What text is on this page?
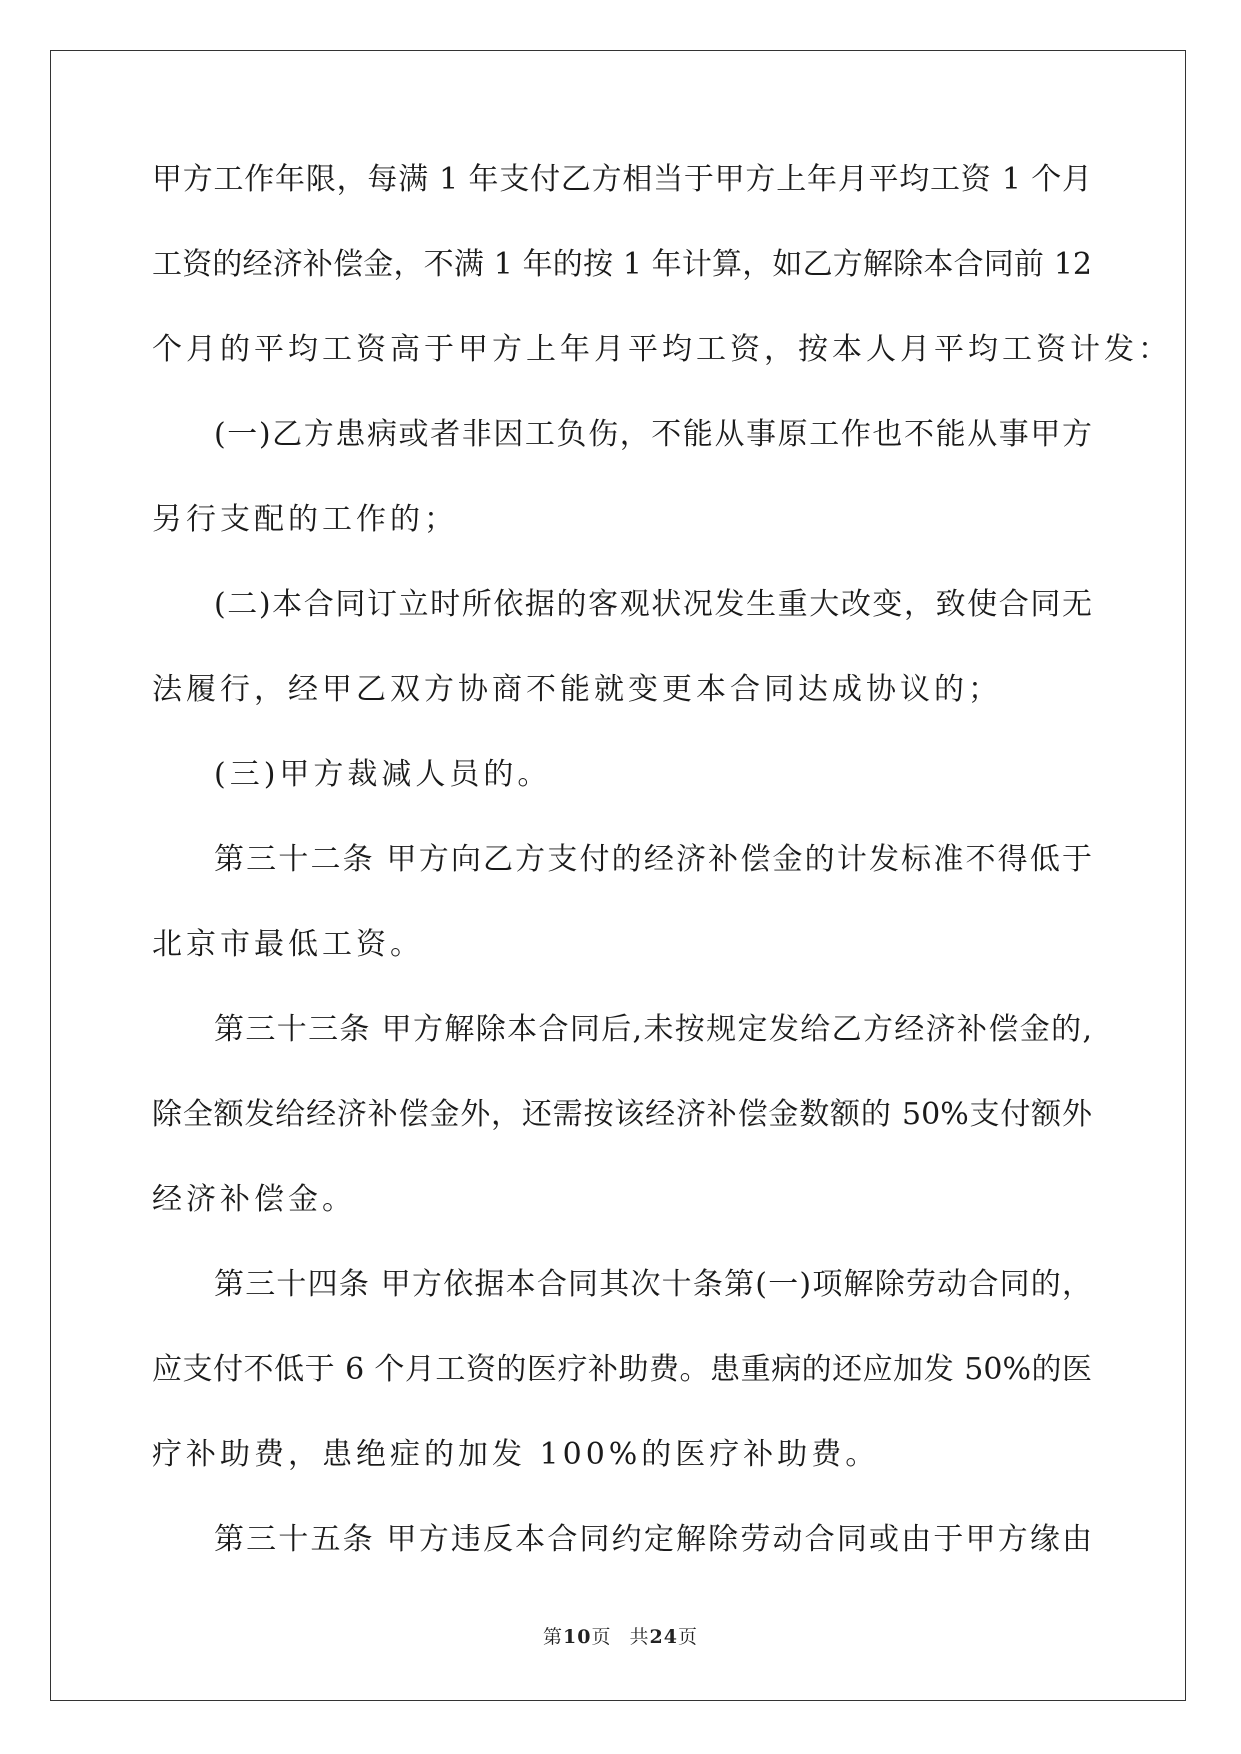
甲方工作年限，每满 1 年支付乙方相当于甲方上年月平均工资 1 个月
工资的经济补偿金，不满 1 年的按 1 年计算，如乙方解除本合同前 12
个月的平均工资高于甲方上年月平均工资，按本人月平均工资计发：
(一)乙方患病或者非因工负伤，不能从事原工作也不能从事甲方
另行支配的工作的；
(二)本合同订立时所依据的客观状况发生重大改变，致使合同无
法履行，经甲乙双方协商不能就变更本合同达成协议的；
(三)甲方裁减人员的。
第三十二条 甲方向乙方支付的经济补偿金的计发标准不得低于
北京市最低工资。
第三十三条 甲方解除本合同后,未按规定发给乙方经济补偿金的,
除全额发给经济补偿金外，还需按该经济补偿金数额的 50%支付额外
经济补偿金。
第三十四条 甲方依据本合同其次十条第(一)项解除劳动合同的，
应支付不低于 6 个月工资的医疗补助费。患重病的还应加发 50%的医
疗补助费，患绝症的加发 100%的医疗补助费。
第三十五条 甲方违反本合同约定解除劳动合同或由于甲方缘由
第10页 共24页
